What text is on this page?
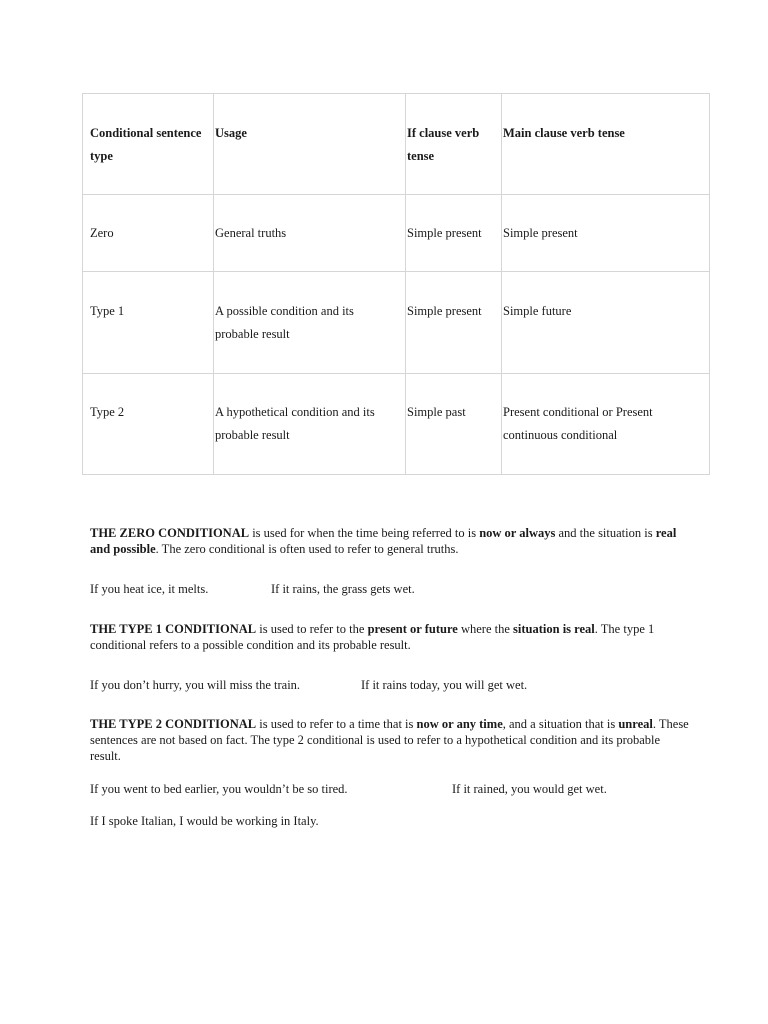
Conditional sentence type	Usage	If clause verb tense	Main clause verb tense
Zero	General truths	Simple present	Simple present
Type 1	A possible condition and its probable result	Simple present	Simple future
Type 2	A hypothetical condition and its probable result	Simple past	Present conditional or Present continuous conditional

THE ZERO CONDITIONAL is used for when the time being referred to is now or always and the situation is real and possible. The zero conditional is often used to refer to general truths.

If you heat ice, it melts.	If it rains, the grass gets wet.

THE TYPE 1 CONDITIONAL is used to refer to the present or future where the situation is real. The type 1 conditional refers to a possible condition and its probable result.

If you don’t hurry, you will miss the train.	If it rains today, you will get wet.

THE TYPE 2 CONDITIONAL is used to refer to a time that is now or any time, and a situation that is unreal. These sentences are not based on fact. The type 2 conditional is used to refer to a hypothetical condition and its probable result.

If you went to bed earlier, you wouldn’t be so tired.	If it rained, you would get wet.
If I spoke Italian, I would be working in Italy.
